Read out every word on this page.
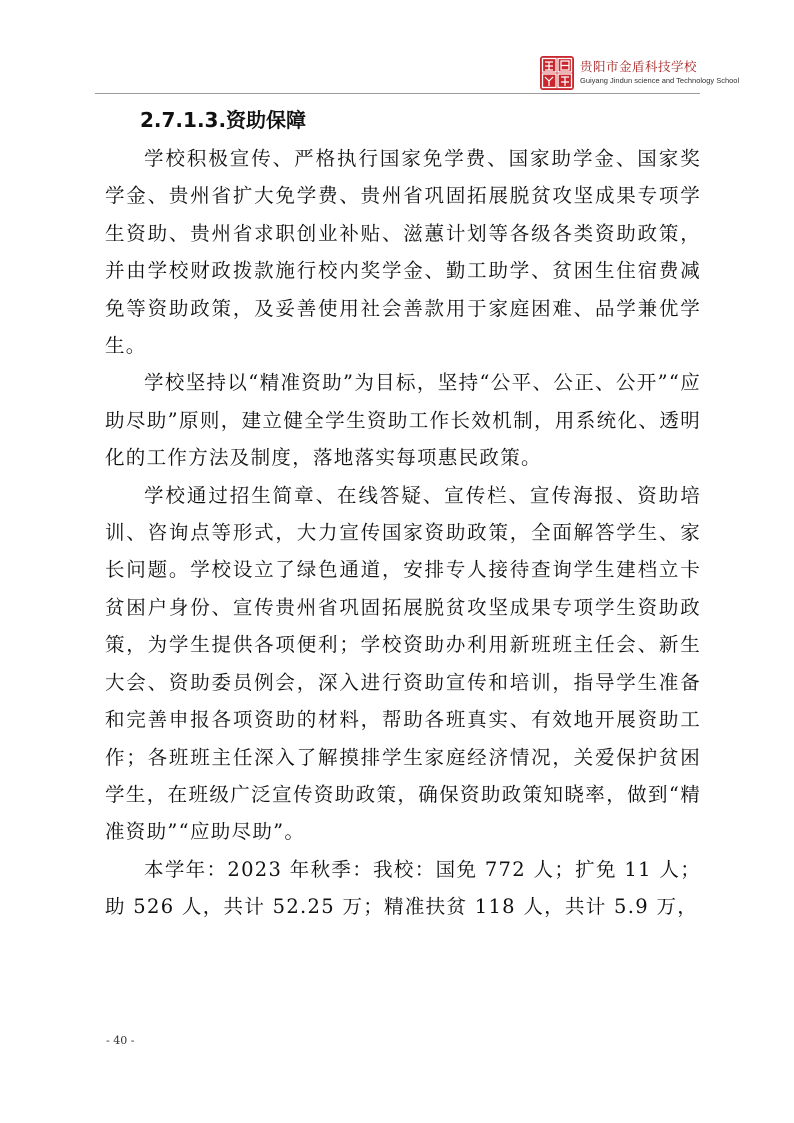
贵阳市金盾科技学校
Guiyang Jindun science and Technology School
2.7.1.3.资助保障

学校积极宣传、严格执行国家免学费、国家助学金、国家奖学金、贵州省扩大免学费、贵州省巩固拓展脱贫攻坚成果专项学生资助、贵州省求职创业补贴、滋蕙计划等各级各类资助政策，并由学校财政拨款施行校内奖学金、勤工助学、贫困生住宿费减免等资助政策，及妥善使用社会善款用于家庭困难、品学兼优学生。

学校坚持以“精准资助”为目标，坚持“公平、公正、公开”“应助尽助”原则，建立健全学生资助工作长效机制，用系统化、透明化的工作方法及制度，落地落实每项惠民政策。

学校通过招生简章、在线答疑、宣传栏、宣传海报、资助培训、咨询点等形式，大力宣传国家资助政策，全面解答学生、家长问题。学校设立了绿色通道，安排专人接待查询学生建档立卡贫困户身份、宣传贵州省巩固拓展脱贫攻坚成果专项学生资助政策，为学生提供各项便利；学校资助办利用新班班主任会、新生大会、资助委员例会，深入进行资助宣传和培训，指导学生准备和完善申报各项资助的材料，帮助各班真实、有效地开展资助工作；各班班主任深入了解摸排学生家庭经济情况，关爱保护贫困学生，在班级广泛宣传资助政策，确保资助政策知晓率，做到“精准资助”“应助尽助”。

本学年：2023 年秋季：我校：国免 772 人；扩免 11 人；助 526 人，共计 52.25 万；精准扶贫 118 人，共计 5.9 万，

- 40 -
